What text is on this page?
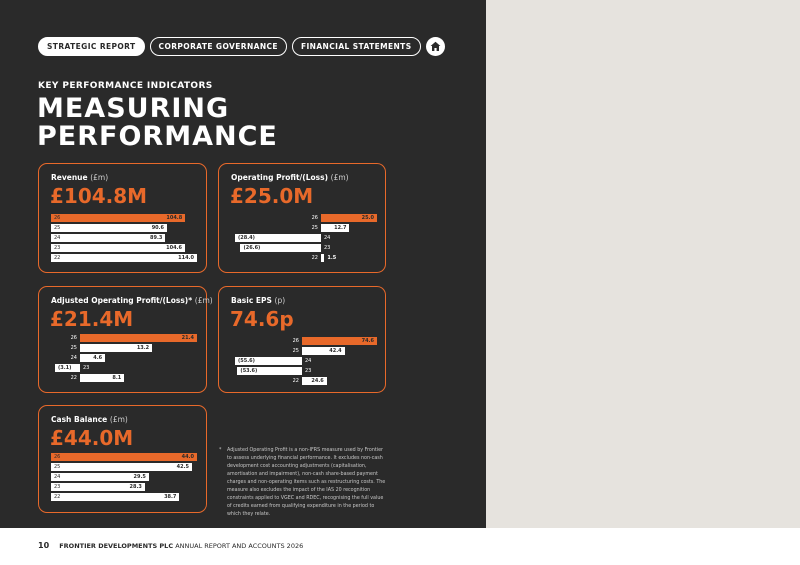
STRATEGIC REPORT	CORPORATE GOVERNANCE	FINANCIAL STATEMENTS
KEY PERFORMANCE INDICATORS
MEASURING
PERFORMANCE
Revenue (£m)
£104.8M
26	104.8
25	90.6
24	89.3
23	104.6
22	114.0
Operating Profit/(Loss) (£m)
£25.0M
26	25.0
25	12.7
(28.4)	24
(26.6)	23
22 1.5
Adjusted Operating Profit/(Loss)* (£m)
£21.4M
26	21.4
25	13.2
24	4.6
(3.1) 23
22	8.1
Basic EPS (p)
74.6p
26	74.6
25	42.4
(55.6)	24
(53.6)	23
22 24.6
Cash Balance (£m)
£44.0M
26	44.0
25	42.5
24	29.5
23	28.3
22	38.7
*	Adjusted Operating Profit is a non-IFRS measure used by Frontier to assess underlying financial performance. It excludes non-cash development cost accounting adjustments (capitalisation, amortisation and impairment), non-cash share-based payment charges and non-operating items such as restructuring costs. The measure also excludes the impact of the IAS 20 recognition constraints applied to VGEC and RDEC, recognising the full value of credits earned from qualifying expenditure in the period to which they relate.
10 FRONTIER DEVELOPMENTS PLC ANNUAL REPORT AND ACCOUNTS 2026
